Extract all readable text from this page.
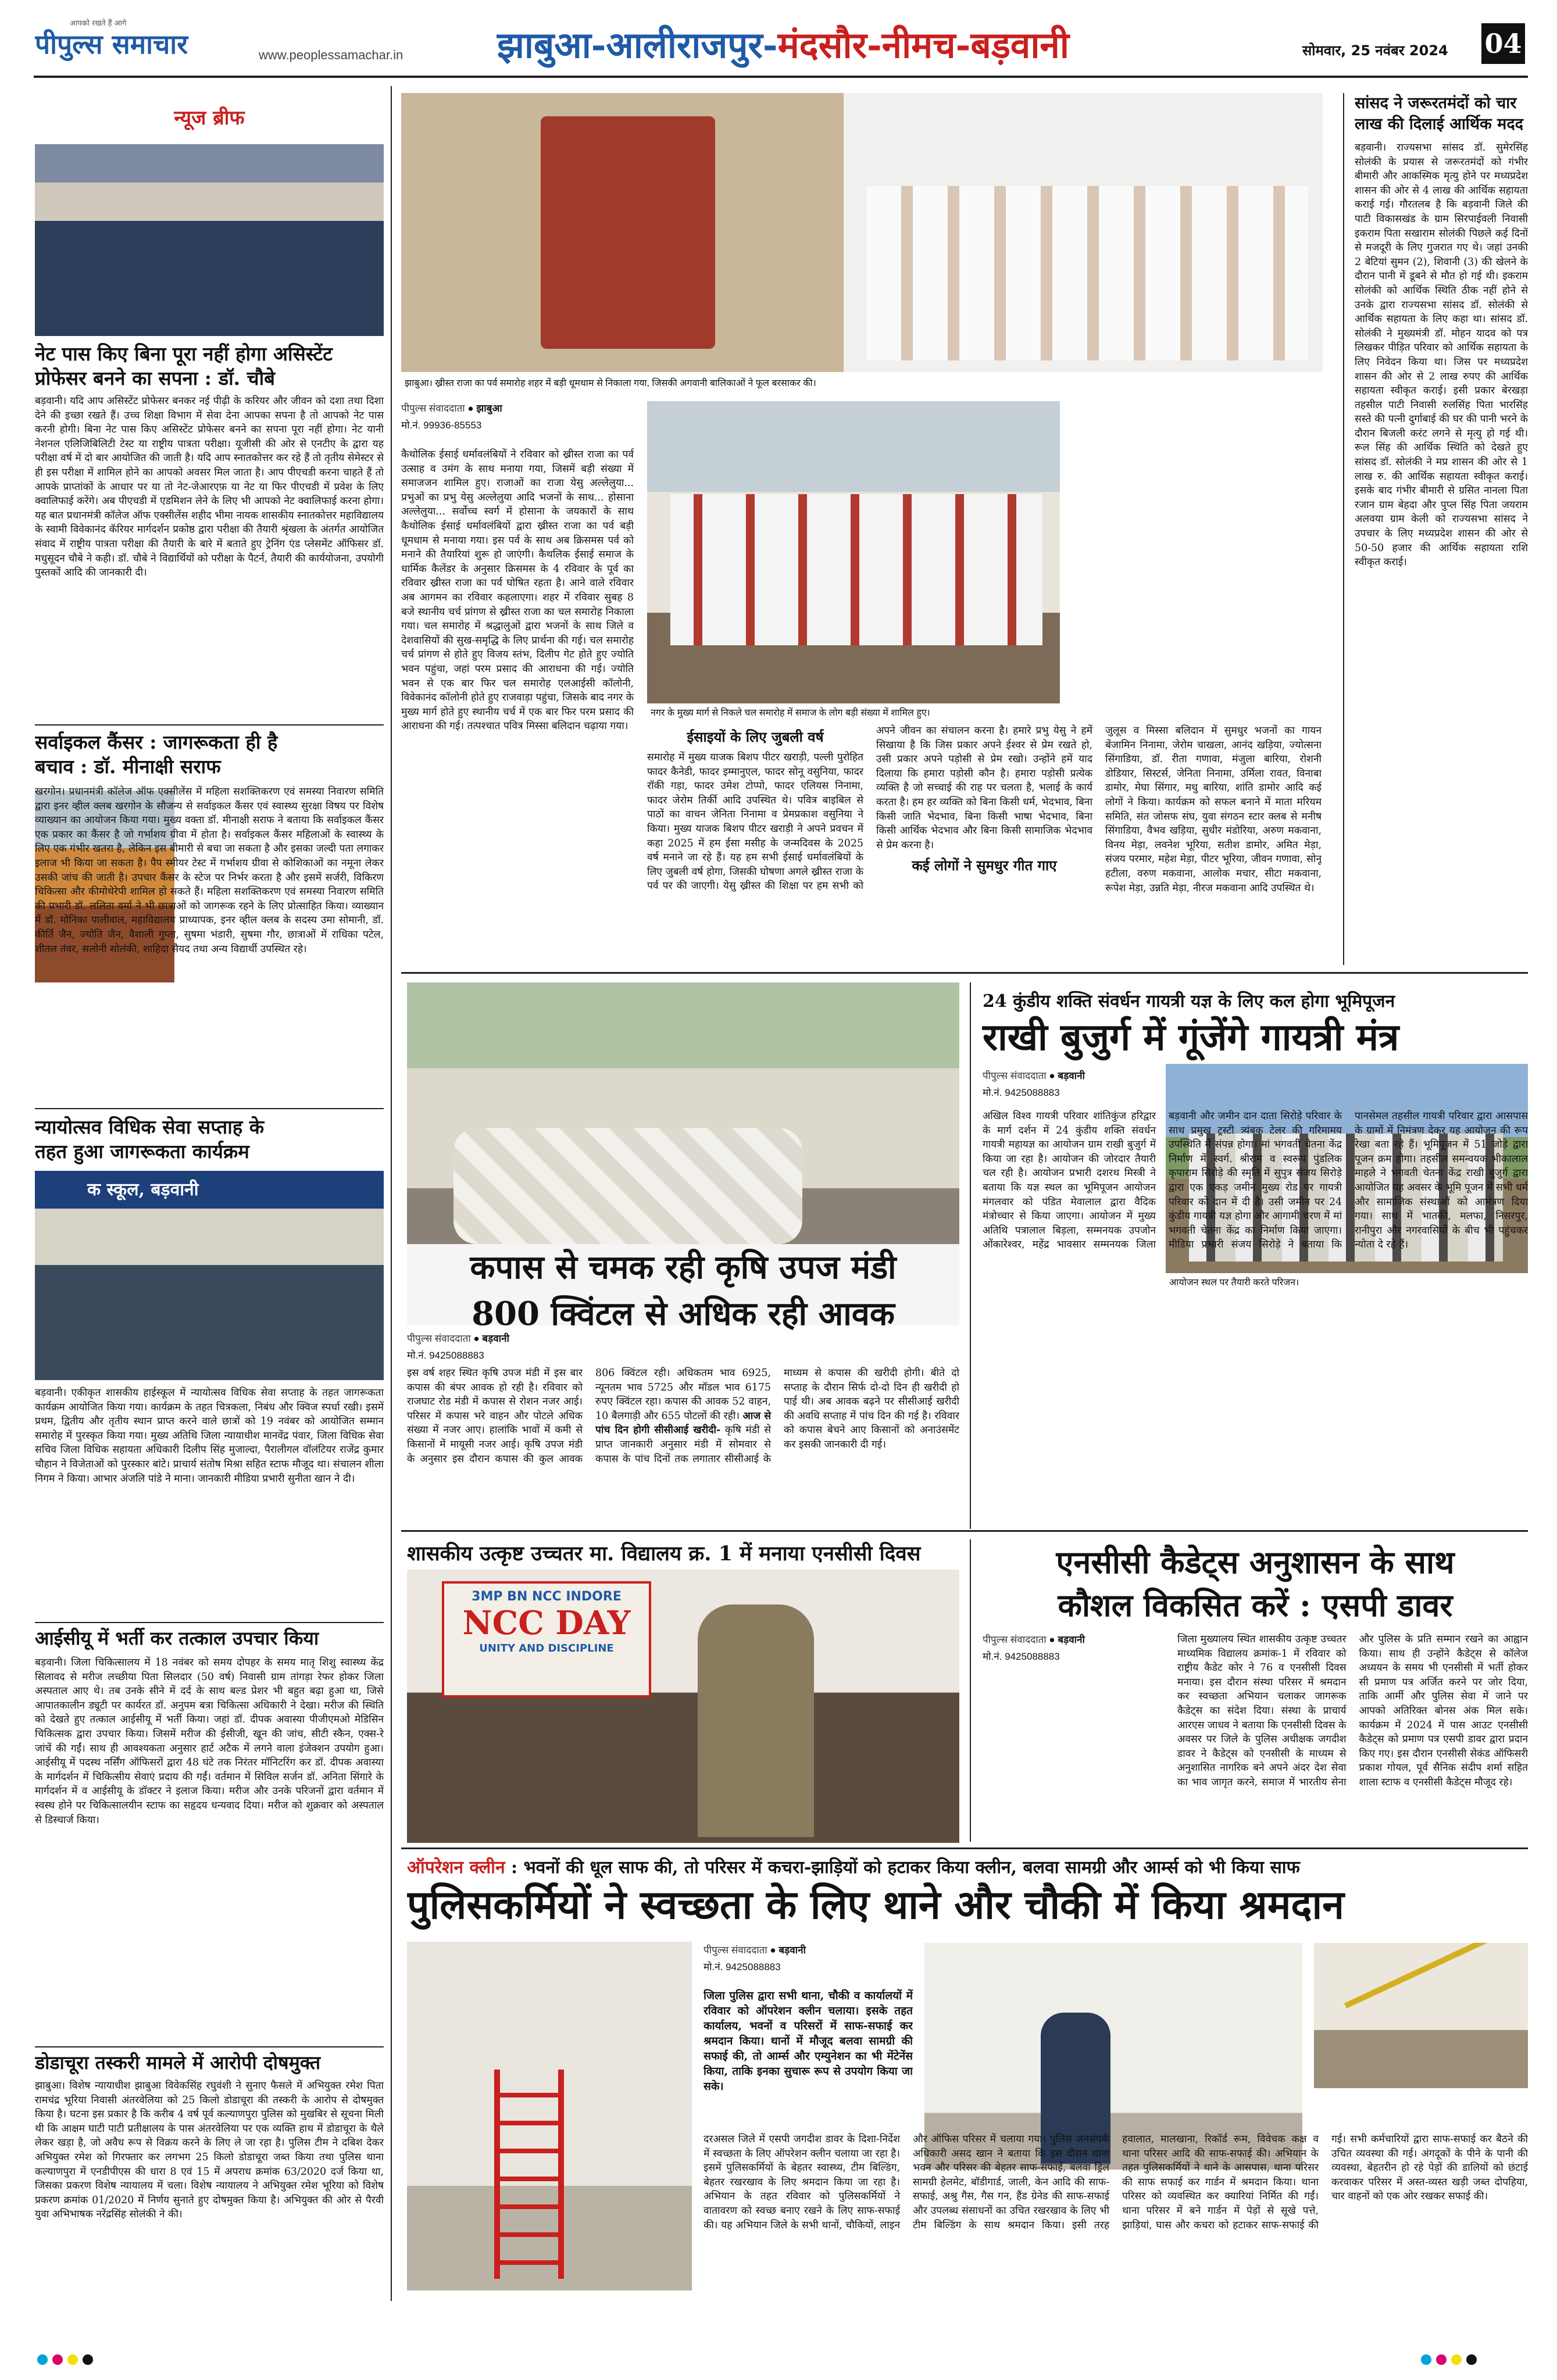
आपको रखते हैं आगे
पीपुल्स समाचार	www.peoplessamachar.in	झाबुआ-आलीराजपुर-मंदसौर-नीमच-बड़वानी	सोमवार, 25 नवंबर 2024 04
न्यूज ब्रीफ
नेट पास किए बिना पूरा नहीं होगा असिस्टेंट प्रोफेसर बनने का सपना : डॉ. चौबे
बड़वानी। यदि आप असिस्टेंट प्रोफेसर बनकर नई पीढ़ी के करियर और जीवन को दशा तथा दिशा देने की इच्छा रखते हैं। उच्च शिक्षा विभाग में सेवा देना आपका सपना है तो आपको नेट पास करनी होगी। बिना नेट पास किए असिस्टेंट प्रोफेसर बनने का सपना पूरा नहीं होगा। नेट यानी नेशनल एलिजिबिलिटी टेस्ट या राष्ट्रीय पात्रता परीक्षा। यूजीसी की ओर से एनटीए के द्वारा यह परीक्षा वर्ष में दो बार आयोजित की जाती है। यदि आप स्नातकोत्तर कर रहे हैं तो तृतीय सेमेस्टर से ही इस परीक्षा में शामिल होने का आपको अवसर मिल जाता है। आप पीएचडी करना चाहते हैं तो आपके प्राप्तांकों के आधार पर या तो नेट-जेआरएफ़ या नेट या फिर पीएचडी में प्रवेश के लिए क्वालिफाई करेंगे। अब पीएचडी में एडमिशन लेने के लिए भी आपको नेट क्वालिफाई करना होगा। यह बात प्रधानमंत्री कॉलेज ऑफ एक्सीलेंस शहीद भीमा नायक शासकीय स्नातकोत्तर महाविद्यालय के स्वामी विवेकानंद कॅरियर मार्गदर्शन प्रकोष्ठ द्वारा परीक्षा की तैयारी श्रृंखला के अंतर्गत आयोजित संवाद में राष्ट्रीय पात्रता परीक्षा की तैयारी के बारे में बताते हुए ट्रेनिंग एंड प्लेसमेंट ऑफिसर डॉ. मधुसूदन चौबे ने कही। डॉ. चौबे ने विद्यार्थियों को परीक्षा के पैटर्न, तैयारी की कार्ययोजना, उपयोगी पुस्तकों आदि की जानकारी दी।
सर्वाइकल कैंसर : जागरूकता ही है
बचाव : डॉ. मीनाक्षी सराफ
खरगोन। प्रधानमंत्री कॉलेज ऑफ एक्सीलेंस में महिला सशक्तिकरण एवं समस्या निवारण समिति द्वारा इनर व्हील क्लब खरगोन के सौजन्य से सर्वाइकल कैंसर एवं स्वास्थ्य सुरक्षा विषय पर विशेष व्याख्यान का आयोजन किया गया। मुख्य वक्ता डॉ. मीनाक्षी सराफ ने बताया कि सर्वाइकल कैंसर एक प्रकार का कैंसर है जो गर्भाशय ग्रीवा में होता है। सर्वाइकल कैंसर महिलाओं के स्वास्थ्य के लिए एक गंभीर खतरा है, लेकिन इस बीमारी से बचा जा सकता है और इसका जल्दी पता लगाकर इलाज भी किया जा सकता है। पैप स्मीयर टेस्ट में गर्भाशय ग्रीवा से कोशिकाओं का नमूना लेकर उसकी जांच की जाती है। उपचार कैंसर के स्टेज पर निर्भर करता है और इसमें सर्जरी, विकिरण चिकित्सा और कीमोथेरेपी शामिल हो सकते हैं। महिला सशक्तिकरण एवं समस्या निवारण समिति की प्रभारी डॉ. ललिता वर्मा ने भी छात्राओं को जागरूक रहने के लिए प्रोत्साहित किया। व्याख्यान में डॉ. मोनिका पालीवाल, महाविद्यालय प्राध्यापक, इनर व्हील क्लब के सदस्य उमा सोमानी, डॉ. कीर्ति जैन, ज्योति जैन, वैशाली गुप्ता, सुषमा भंडारी, सुषमा गौर, छात्राओं में राधिका पटेल, शीतल तंवर, सलोनी सोलंकी, शाहिदा सैयद तथा अन्य विद्यार्थी उपस्थित रहे।
न्यायोत्सव विधिक सेवा सप्ताह के
तहत हुआ जागरूकता कार्यक्रम
क स्कूल, बड़वानी
बड़वानी। एकीकृत शासकीय हाईस्कूल में न्यायोत्सव विधिक सेवा सप्ताह के तहत जागरूकता कार्यक्रम आयोजित किया गया। कार्यक्रम के तहत चित्रकला, निबंध और क्विज स्पर्धा रखी। इसमें प्रथम, द्वितीय और तृतीय स्थान प्राप्त करने वाले छात्रों को 19 नवंबर को आयोजित सम्मान समारोह में पुरस्कृत किया गया। मुख्य अतिथि जिला न्यायाधीश मानवेंद्र पंवार, जिला विधिक सेवा सचिव जिला विधिक सहायता अधिकारी दिलीप सिंह मुजाल्दा, पैरालीगल वॉलंटियर राजेंद्र कुमार चौहान ने विजेताओं को पुरस्कार बांटे। प्राचार्य संतोष मिश्रा सहित स्टाफ मौजूद था। संचालन शीला निगम ने किया। आभार अंजलि पांडे ने माना। जानकारी मीडिया प्रभारी सुनीता खान ने दी।
आईसीयू में भर्ती कर तत्काल उपचार किया
बड़वानी। जिला चिकित्सालय में 18 नवंबर को समय दोपहर के समय मातृ शिशु स्वास्थ्य केंद्र सिलावद से मरीज लच्छीया पिता सिलदार (50 वर्ष) निवासी ग्राम तांगड़ा रेफर होकर जिला अस्पताल आए थे। तब उनके सीने में दर्द के साथ बल्ड प्रेशर भी बहुत बढ़ा हुआ था, जिसे आपातकालीन ड्यूटी पर कार्यरत डॉ. अनुपम बत्रा चिकित्सा अधिकारी ने देखा। मरीज की स्थिति को देखते हुए तत्काल आईसीयू में भर्ती किया। जहां डॉ. दीपक अवास्या पीजीएमओ मेडिसिन चिकित्सक द्वारा उपचार किया। जिसमें मरीज की ईसीजी, खून की जांच, सीटी स्कैन, एक्स-रे जांचें की गईं। साथ ही आवश्यकता अनुसार हार्ट अटैक में लगने वाला इंजेक्शन उपयोग हुआ। आईसीयू में पदस्थ नर्सिंग ऑफिसरों द्वारा 48 घंटे तक निरंतर मॉनिटरिंग कर डॉ. दीपक अवास्या के मार्गदर्शन में चिकित्सीय सेवाएं प्रदाय की गईं। वर्तमान में सिविल सर्जन डॉ. अनिता सिंगारे के मार्गदर्शन में व आईसीयू के डॉक्टर ने इलाज किया। मरीज और उनके परिजनों द्वारा वर्तमान में स्वस्थ होने पर चिकित्सालयीन स्टाफ का सहृदय धन्यवाद दिया। मरीज को शुक्रवार को अस्पताल से डिस्चार्ज किया।
डोडाचूरा तस्करी मामले में आरोपी दोषमुक्त
झाबुआ। विशेष न्यायाधीश झाबुआ विवेकसिंह रघुवंशी ने सुनाए फैसले में अभियुक्त रमेश पिता रामचंद्र भूरिया निवासी अंतरवेलिया को 25 किलो डोडाचूरा की तस्करी के आरोप से दोषमुक्त किया है। घटना इस प्रकार है कि करीब 4 वर्ष पूर्व कल्याणपुरा पुलिस को मुखबिर से सूचना मिली थी कि आक्षम घाटी पाटी प्रतीक्षालय के पास अंतरवेलिया पर एक व्यक्ति हाथ में डोडाचूरा के थैले लेकर खड़ा है, जो अवैध रूप से विक्रय करने के लिए ले जा रहा है। पुलिस टीम ने दबिश देकर अभियुक्त रमेश को गिरफ्तार कर लगभग 25 किलो डोडाचूरा जब्त किया तथा पुलिस थाना कल्याणपुरा में एनडीपीएस की धारा 8 एवं 15 में अपराध क्रमांक 63/2020 दर्ज किया था, जिसका प्रकरण विशेष न्यायालय में चला। विशेष न्यायालय ने अभियुक्त रमेश भूरिया को विशेष प्रकरण क्रमांक 01/2020 में निर्णय सुनाते हुए दोषमुक्त किया है। अभियुक्त की ओर से पैरवी युवा अभिभाषक नरेंद्रसिंह सोलंकी ने की।
झाबुआ। ख्रीस्त राजा का पर्व समारोह शहर में बड़ी धूमधाम से निकाला गया, जिसकी अगवानी बालिकाओं ने फूल बरसाकर की।
पीपुल्स संवाददाता ● झाबुआ
मो.नं. 99936-85553
कैथोलिक ईसाई धर्मावलंबियों ने रविवार को ख्रीस्त राजा का पर्व उत्साह व उमंग के साथ मनाया गया, जिसमें बड़ी संख्या में समाजजन शामिल हुए। राजाओं का राजा येसु अल्लेलुया... प्रभुओं का प्रभु येसु अल्लेलुया आदि भजनों के साथ... होसाना अल्लेलुया... सर्वोच्च स्वर्ग में होसाना के जयकारों के साथ कैथोलिक ईसाई धर्मावलंबियों द्वारा ख्रीस्त राजा का पर्व बड़ी धूमधाम से मनाया गया। इस पर्व के साथ अब क्रिसमस पर्व को मनाने की तैयारियां शुरू हो जाएंगी। कैथलिक ईसाई समाज के धार्मिक कैलेंडर के अनुसार क्रिसमस के 4 रविवार के पूर्व का रविवार ख्रीस्त राजा का पर्व घोषित रहता है। आने वाले रविवार अब आगमन का रविवार कहलाएगा। शहर में रविवार सुबह 8 बजे स्थानीय चर्च प्रांगण से ख्रीस्त राजा का चल समारोह निकाला गया। चल समारोह में श्रद्धालुओं द्वारा भजनों के साथ जिले व देशवासियों की सुख-समृद्धि के लिए प्रार्थना की गई। चल समारोह चर्च प्रांगण से होते हुए विजय स्तंभ, दिलीप गेट होते हुए ज्योति भवन पहुंचा, जहां परम प्रसाद की आराधना की गई। ज्योति भवन से एक बार फिर चल समारोह एलआईसी कॉलोनी, विवेकानंद कॉलोनी होते हुए राजवाड़ा पहुंचा, जिसके बाद नगर के मुख्य मार्ग होते हुए स्थानीय चर्च में एक बार फिर परम प्रसाद की आराधना की गई। तत्पश्चात पवित्र मिस्सा बलिदान चढ़ाया गया।
नगर के मुख्य मार्ग से निकले चल समारोह में समाज के लोग बड़ी संख्या में शामिल हुए।
ईसाइयों के लिए जुबली वर्ष
समारोह में मुख्य याजक बिशप पीटर खराड़ी, पल्ली पुरोहित फादर कैनेडी, फादर इम्मानुएल, फादर सोनू वसुनिया, फादर रॉकी गड़ा, फादर उमेश टोप्पो, फादर एलियस निनामा, फादर जेरोम तिर्की आदि उपस्थित थे। पवित्र बाइबिल से पाठों का वाचन जेनिता निनामा व प्रेमप्रकाश वसुनिया ने किया। मुख्य याजक बिशप पीटर खराड़ी ने अपने प्रवचन में कहा 2025 में हम ईसा मसीह के जन्मदिवस के 2025 वर्ष मनाने जा रहे हैं। यह हम सभी ईसाई धर्मावलंबियों के लिए जुबली वर्ष होगा, जिसकी घोषणा अगले ख्रीस्त राजा के पर्व पर की जाएगी। येसु ख्रीस्त की शिक्षा पर हम सभी को अपने जीवन का संचालन करना है। हमारे प्रभु येसु ने हमें सिखाया है कि जिस प्रकार अपने ईश्वर से प्रेम रखते हो, उसी प्रकार अपने पड़ोसी से प्रेम रखो। उन्होंने हमें याद दिलाया कि हमारा पड़ोसी कौन है। हमारा पड़ोसी प्रत्येक व्यक्ति है जो सच्चाई की राह पर चलता है, भलाई के कार्य करता है। हम हर व्यक्ति को बिना किसी धर्म, भेदभाव, बिना किसी जाति भेदभाव, बिना किसी भाषा भेदभाव, बिना किसी आर्थिक भेदभाव और बिना किसी सामाजिक भेदभाव से प्रेम करना है।
कई लोगों ने सुमधुर गीत गाए
जुलूस व मिस्सा बलिदान में सुमधुर भजनों का गायन बेंजामिन निनामा, जेरोम चाखला, आनंद खड़िया, ज्योत्सना सिंगाडिया, डॉ. रीता गणावा, मंजुला बारिया, रोशनी डोडियार, सिस्टर्स, जेनिता निनामा, उर्मिला रावत, विनाबा डामोर, मेघा सिंगार, मधु बारिया, शांति डामोर आदि कई लोगों ने किया। कार्यक्रम को सफल बनाने में माता मरियम समिति, संत जोसफ संघ, युवा संगठन स्टार क्लब से मनीष सिंगाडिया, वैभव खड़िया, सुधीर मंडोरिया, अरुण मकवाना, विनय मेड़ा, लवनेश भूरिया, सतीश डामोर, अमित मेड़ा, संजय परमार, महेश मेड़ा, पीटर भूरिया, जीवन गणावा, सोनू हटीला, वरुण मकवाना, आलोक मचार, सीटा मकवाना, रूपेश मेड़ा, उन्नति मेड़ा, नीरज मकवाना आदि उपस्थित थे।
सांसद ने जरूरतमंदों को चार लाख की दिलाई आर्थिक मदद
बड़वानी। राज्यसभा सांसद डॉ. सुमेरसिंह सोलंकी के प्रयास से जरूरतमंदों को गंभीर बीमारी और आकस्मिक मृत्यु होने पर मध्यप्रदेश शासन की ओर से 4 लाख की आर्थिक सहायता कराई गई। गौरतलब है कि बड़वानी जिले की पाटी विकासखंड के ग्राम सिरपाईवली निवासी इकराम पिता सखाराम सोलंकी पिछले कई दिनों से मजदूरी के लिए गुजरात गए थे। जहां उनकी 2 बेटियां सुमन (2), शिवानी (3) की खेलने के दौरान पानी में डूबने से मौत हो गई थी। इकराम सोलंकी को आर्थिक स्थिति ठीक नहीं होने से उनके द्वारा राज्यसभा सांसद डॉ. सोलंकी से आर्थिक सहायता के लिए कहा था। सांसद डॉ. सोलंकी ने मुख्यमंत्री डॉ. मोहन यादव को पत्र लिखकर पीड़ित परिवार को आर्थिक सहायता के लिए निवेदन किया था। जिस पर मध्यप्रदेश शासन की ओर से 2 लाख रुपए की आर्थिक सहायता स्वीकृत कराई। इसी प्रकार बेरखड़ा तहसील पाटी निवासी रुलसिंह पिता भारसिंह सस्ते की पत्नी दुर्गाबाई की घर की पानी भरने के दौरान बिजली करंट लगने से मृत्यु हो गई थी। रूल सिंह की आर्थिक स्थिति को देखते हुए सांसद डॉ. सोलंकी ने मप्र शासन की ओर से 1 लाख रु. की आर्थिक सहायता स्वीकृत कराई। इसके बाद गंभीर बीमारी से ग्रसित नानला पिता रजान ग्राम बेहदा और पुप्ल सिंह पिता जयराम अलवया ग्राम केली को राज्यसभा सांसद ने उपचार के लिए मध्यप्रदेश शासन की ओर से 50-50 हजार की आर्थिक सहायता राशि स्वीकृत कराई।
कपास से चमक रही कृषि उपज मंडी
800 क्विंटल से अधिक रही आवक
पीपुल्स संवाददाता ● बड़वानी
मो.नं. 9425088883
इस वर्ष शहर स्थित कृषि उपज मंडी में इस बार कपास की बंपर आवक हो रही है। रविवार को राजघाट रोड मंडी में कपास से रोशन नजर आई। परिसर में कपास भरे वाहन और पोटले अधिक संख्या में नजर आए। हालांकि भावों में कमी से किसानों में मायूसी नजर आई। कृषि उपज मंडी के अनुसार इस दौरान कपास की कुल आवक 806 क्विंटल रही। अधिकतम भाव 6925, न्यूनतम भाव 5725 और मॉडल भाव 6175 रुपए क्विंटल रहा। कपास की आवक 52 वाहन, 10 बैलगाड़ी और 655 पोटलों की रही। आज से पांच दिन होगी सीसीआई खरीदी- कृषि मंडी से प्राप्त जानकारी अनुसार मंडी में सोमवार से कपास के पांच दिनों तक लगातार सीसीआई के माध्यम से कपास की खरीदी होगी। बीते दो सप्ताह के दौरान सिर्फ दो-दो दिन ही खरीदी हो पाई थी। अब आवक बढ़ने पर सीसीआई खरीदी की अवधि सप्ताह में पांच दिन की गई है। रविवार को कपास बेचने आए किसानों को अनाउंसमेंट कर इसकी जानकारी दी गई।
24 कुंडीय शक्ति संवर्धन गायत्री यज्ञ के लिए कल होगा भूमिपूजन
राखी बुजुर्ग में गूंजेंगे गायत्री मंत्र
पीपुल्स संवाददाता ● बड़वानी
मो.नं. 9425088883
आयोजन स्थल पर तैयारी करते परिजन।
अखिल विश्व गायत्री परिवार शांतिकुंज हरिद्वार के मार्ग दर्शन में 24 कुंडीय शक्ति संवर्धन गायत्री महायज्ञ का आयोजन ग्राम राखी बुजुर्ग में किया जा रहा है। आयोजन की जोरदार तैयारी चल रही है। आयोजन प्रभारी दशरथ मिस्त्री ने बताया कि यज्ञ स्थल का भूमिपूजन आयोजन मंगलवार को पंडित मेवालाल द्वारा वैदिक मंत्रोच्चार से किया जाएगा। आयोजन में मुख्य अतिथि पत्रालाल बिड़ला, सम्मनयक उपजोन ओंकारेश्वर, महेंद्र भावसार सम्मनयक जिला बड़वानी और जमीन दान दाता सिरोड़े परिवार के साथ प्रमुख ट्रस्टी त्र्यंबक टेलर की गरिमामय उपस्थिति में संपन्न होगा। मां भगवती चेतना केंद्र निर्माण में स्वर्ग. श्रीराम व स्वरूप पुंडलिक कृपाराम सिरोड़े की स्मृति में सुपुत्र संजय सिरोड़े द्वारा एक एकड़ जमीन मुख्य रोड पर गायत्री परिवार को दान में दी है। उसी जमीन पर 24 कुंडीय गायत्री यज्ञ होगा और आगामी चरण में मां भगवती चेतना केंद्र का निर्माण किया जाएगा। मीडिया प्रभारी संजय सिरोड़े ने बताया कि पानसेमल तहसील गायत्री परिवार द्वारा आसपास के ग्रामों में निमंत्रण देकर यह आयोजन की रूप रेखा बता रहे हैं। भूमिपूजन में 51 जोड़े द्वारा पूजन क्रम होगा। तहसील समन्वयक भीकालाल माहले ने भगवती चेतना केंद्र राखी बुजुर्ग द्वारा आयोजित यह अवसर के भूमि पूजन में सभी धर्म और सामाजिक संस्थाओं को आमंत्रण दिया गया। साथ में भातकी, मलफा, निसरपुर, रानीपुरा और नगरवासियों के बीच भी पहुंचकर न्योता दे रहे हैं।
शासकीय उत्कृष्ट उच्चतर मा. विद्यालय क्र. 1 में मनाया एनसीसी दिवस
3MP BN NCC INDORE
NCC DAY
UNITY AND DISCIPLINE
एनसीसी कैडेट्स अनुशासन के साथ
कौशल विकसित करें : एसपी डावर
पीपुल्स संवाददाता ● बड़वानी
मो.नं. 9425088883
जिला मुख्यालय स्थित शासकीय उत्कृष्ट उच्चतर माध्यमिक विद्यालय क्रमांक-1 में रविवार को राष्ट्रीय कैडेट कोर ने 76 व एनसीसी दिवस मनाया। इस दौरान संस्था परिसर में श्रमदान कर स्वच्छता अभियान चलाकर जागरूक कैडेट्स का संदेश दिया। संस्था के प्राचार्य आरएस जाधव ने बताया कि एनसीसी दिवस के अवसर पर जिले के पुलिस अधीक्षक जगदीश डावर ने कैडेट्स को एनसीसी के माध्यम से अनुशासित नागरिक बने अपने अंदर देश सेवा का भाव जागृत करने, समाज में भारतीय सेना और पुलिस के प्रति सम्मान रखने का आह्वान किया। साथ ही उन्होंने कैडेट्स से कॉलेज अध्ययन के समय भी एनसीसी में भर्ती होकर सी प्रमाण पत्र अर्जित करने पर जोर दिया, ताकि आर्मी और पुलिस सेवा में जाने पर आपको अतिरिक्त बोनस अंक मिल सके। कार्यक्रम में 2024 में पास आउट एनसीसी कैडेट्स को प्रमाण पत्र एसपी डावर द्वारा प्रदान किए गए। इस दौरान एनसीसी सेकंड ऑफिसरी प्रकाश गोयल, पूर्व सैनिक संदीप शर्मा सहित शाला स्टाफ व एनसीसी कैडेट्स मौजूद रहे।
ऑपरेशन क्लीन : भवनों की धूल साफ की, तो परिसर में कचरा-झाड़ियों को हटाकर किया क्लीन, बलवा सामग्री और आर्म्स को भी किया साफ
पुलिसकर्मियों ने स्वच्छता के लिए थाने और चौकी में किया श्रमदान
पीपुल्स संवाददाता ● बड़वानी
मो.नं. 9425088883
जिला पुलिस द्वारा सभी थाना, चौकी व कार्यालयों में रविवार को ऑपरेशन क्लीन चलाया। इसके तहत कार्यालय, भवनों व परिसरों में साफ-सफाई कर श्रमदान किया। थानों में मौजूद बलवा सामग्री की सफाई की, तो आर्म्स और एम्युनेशन का भी मेंटेनेंस किया, ताकि इनका सुचारू रूप से उपयोग किया जा सके।
दरअसल जिले में एसपी जगदीश डावर के दिशा-निर्देश में स्वच्छता के लिए ऑपरेशन क्लीन चलाया जा रहा है। इसमें पुलिसकर्मियों के बेहतर स्वास्थ्य, टीम बिल्डिंग, बेहतर रखरखाव के लिए श्रमदान किया जा रहा है। अभियान के तहत रविवार को पुलिसकर्मियों ने वातावरण को स्वच्छ बनाए रखने के लिए साफ-सफाई की। यह अभियान जिले के सभी थानों, चौकियों, लाइन और ऑफिस परिसर में चलाया गया। पुलिस जनसंपर्क अधिकारी असद खान ने बताया कि इस दौरान थाना भवन और परिसर की बेहतर साफ-सफाई, बलवा ड्रिल सामग्री हेलमेट, बॉडीगार्ड, जाली, केन आदि की साफ-सफाई, अश्रु गैस, गैस गन, हैंड ग्रेनेड की साफ-सफाई और उपलब्ध संसाधनों का उचित रखरखाव के लिए भी टीम बिल्डिंग के साथ श्रमदान किया। इसी तरह हवालात, मालखाना, रिकॉर्ड रूम, विवेचक कक्ष व थाना परिसर आदि की साफ-सफाई की। अभियान के तहत पुलिसकर्मियों ने थाने के आसपास, थाना परिसर की साफ सफाई कर गार्डन में श्रमदान किया। थाना परिसर को व्यवस्थित कर क्यारियां निर्मित की गईं। थाना परिसर में बने गार्डन में पेड़ों से सूखे पत्ते, झाड़ियां, घास और कचरा को हटाकर साफ-सफाई की गई। सभी कर्मचारियों द्वारा साफ-सफाई कर बैठने की उचित व्यवस्था की गई। अंगदूकों के पीने के पानी की व्यवस्था, बेहतरीन हो रहे पेड़ों की डालियों को छंटाई करवाकर परिसर में अस्त-व्यस्त खड़ी जब्त दोपहिया, चार वाहनों को एक ओर रखकर सफाई की।
